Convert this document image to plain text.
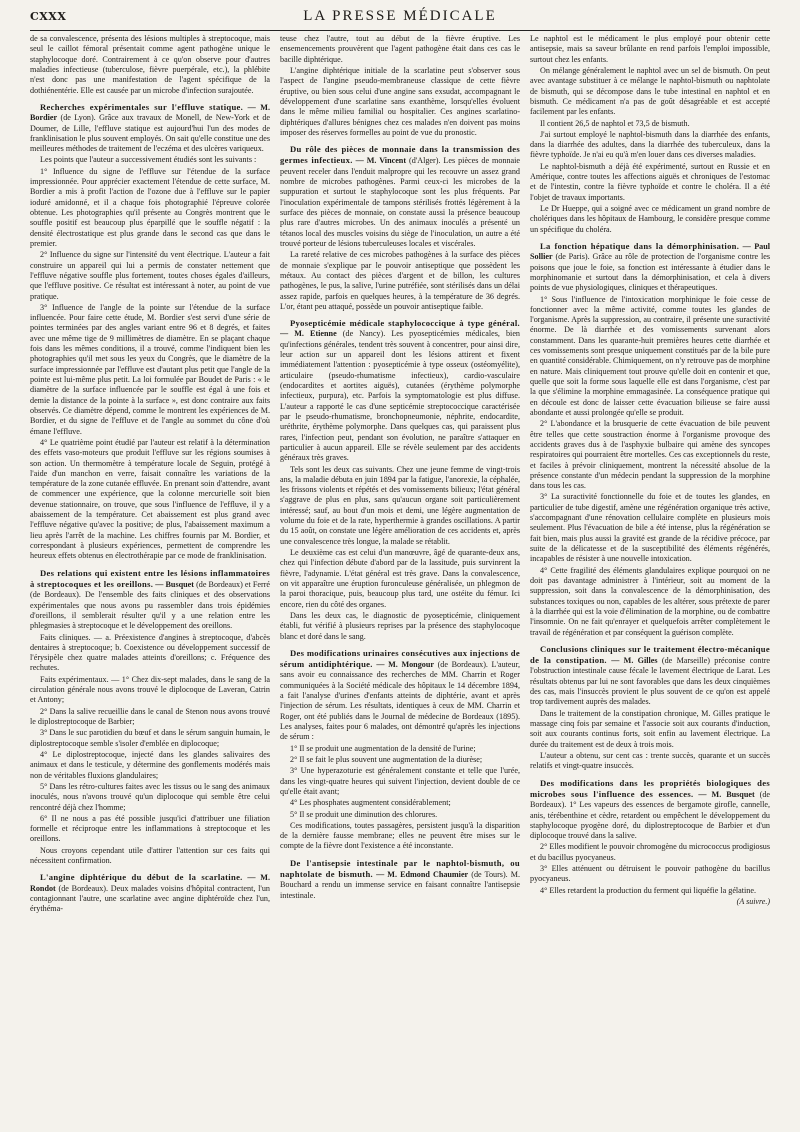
CXXX	LA PRESSE MÉDICALE

de sa convalescence, présenta des lésions multiples à streptocoque, mais seul le caillot fémoral présentait comme agent pathogène unique le staphylocoque doré. Contrairement à ce qu'on observe pour d'autres maladies infectieuse (tuberculose, fièvre puerpérale, etc.), la phlébite n'est donc pas une manifestation de l'agent spécifique de la dothiénentérie. Elle est causée par un microbe d'infection surajoutée.

Recherches expérimentales sur l'effluve statique. — M. Bordier (de Lyon). Grâce aux travaux de Monell, de New-York et de Doumer, de Lille, l'effluve statique est aujourd'hui l'un des modes de franklinisation le plus souvent employés. On sait qu'elle constitue une des meilleures méthodes de traitement de l'eczéma et des ulcères variqueux.

Les points que l'auteur a successivement étudiés sont les suivants :

1° Influence du signe de l'effluve sur l'étendue de la surface impressionnée. Pour apprécier exactement l'étendue de cette surface, M. Bordier a mis à profit l'action de l'ozone due à l'effluve sur le papier ioduré amidonné, et il a chaque fois photographié l'épreuve colorée obtenue. Les photographies qu'il présente au Congrès montrent que le souffle positif est beaucoup plus éparpillé que le souffle négatif : la densité électrostatique est plus grande dans le second cas que dans le premier.

2° Influence du signe sur l'intensité du vent électrique. L'auteur a fait construire un appareil qui lui a permis de constater nettement que l'effluve négative souffle plus fortement, toutes choses égales d'ailleurs, que l'effluve positive. Ce résultat est intéressant à noter, au point de vue pratique.

3° Influence de l'angle de la pointe sur l'étendue de la surface influencée. Pour faire cette étude, M. Bordier s'est servi d'une série de pointes terminées par des angles variant entre 96 et 8 degrés, et faites avec une même tige de 9 millimètres de diamètre. En se plaçant chaque fois dans les mêmes conditions, il a trouvé, comme l'indiquent bien les photographies qu'il met sous les yeux du Congrès, que le diamètre de la surface impressionnée par l'effluve est d'autant plus petit que l'angle de la pointe est lui-même plus petit. La loi formulée par Boudet de Paris : « le diamètre de la surface influencée par le souffle est égal à une fois et demie la distance de la pointe à la surface », est donc contraire aux faits observés. Ce diamètre dépend, comme le montrent les expériences de M. Bordier, et du signe de l'effluve et de l'angle au sommet du cône d'où émane l'effluve.

4° Le quatrième point étudié par l'auteur est relatif à la détermination des effets vaso-moteurs que produit l'effluve sur les régions soumises à son action. Un thermomètre à température locale de Seguin, protégé à l'aide d'un manchon en verre, faisait connaître les variations de la température de la zone cutanée effluvée. En prenant soin d'attendre, avant de commencer une expérience, que la colonne mercurielle soit bien devenue stationnaire, on trouve, que sous l'influence de l'effluve, il y a abaissement de la température. Cet abaissement est plus grand avec l'effluve négative qu'avec la positive; de plus, l'abaissement maximum a lieu après l'arrêt de la machine. Les chiffres fournis par M. Bordier, et correspondant à plusieurs expériences, permettent de comprendre les heureux effets obtenus en électrothérapie par ce mode de franklinisation.

Des relations qui existent entre les lésions inflammatoires à streptocoques et les oreillons. — Busquet (de Bordeaux) et Ferré (de Bordeaux). De l'ensemble des faits cliniques et des observations expérimentales que nous avons pu rassembler dans trois épidémies d'oreillons, il semblerait résulter qu'il y a une relation entre les phlegmasies à streptocoque et le développement des oreillons.

Faits cliniques. — a. Préexistence d'angines à streptocoque, d'abcès dentaires à streptocoque; b. Coexistence ou développement successif de l'érysipèle chez quatre malades atteints d'oreillons; c. Fréquence des rechutes.

Faits expérimentaux. — 1° Chez dix-sept malades, dans le sang de la circulation générale nous avons trouvé le diplocoque de Laveran, Catrin et Antony;

2° Dans la salive recueillie dans le canal de Stenon nous avons trouvé le diplostreptocoque de Barbier;

3° Dans le suc parotidien du bœuf et dans le sérum sanguin humain, le diplostreptocoque semble s'isoler d'emblée en diplocoque;

4° Le diplostreptocoque, injecté dans les glandes salivaires des animaux et dans le testicule, y détermine des gonflements modérés mais non de véritables fluxions glandulaires;

5° Dans les rétro-cultures faites avec les tissus ou le sang des animaux inoculés, nous n'avons trouvé qu'un diplocoque qui semble être celui rencontré déjà chez l'homme;

6° Il ne nous a pas été possible jusqu'ici d'attribuer une filiation formelle et réciproque entre les inflammations à streptocoque et les oreillons.

Nous croyons cependant utile d'attirer l'attention sur ces faits qui nécessitent confirmation.

L'angine diphtérique du début de la scarlatine. — M. Rondot (de Bordeaux). Deux malades voisins d'hôpital contractent, l'un contagionnant l'autre, une scarlatine avec angine diphtéroïde chez l'un, érythéma-

teuse chez l'autre, tout au début de la fièvre éruptive. Les ensemencements prouvèrent que l'agent pathogène était dans ces cas le bacille diphtérique.

L'angine diphtérique initiale de la scarlatine peut s'observer sous l'aspect de l'angine pseudo-membraneuse classique de cette fièvre éruptive, ou bien sous celui d'une angine sans exsudat, accompagnant le développement d'une scarlatine sans exanthème, lorsqu'elles évoluent dans le même milieu familial ou hospitalier. Ces angines scarlatino-diphtériques d'allures bénignes chez ces malades n'en doivent pas moins imposer des réserves formelles au point de vue du pronostic.

Du rôle des pièces de monnaie dans la transmission des germes infectieux. — M. Vincent (d'Alger). Les pièces de monnaie peuvent receler dans l'enduit malpropre qui les recouvre un assez grand nombre de microbes pathogènes. Parmi ceux-ci les microbes de la suppuration et surtout le staphylocoque sont les plus fréquents. Par l'inoculation expérimentale de tampons stérilisés frottés légèrement à la surface des pièces de monnaie, on constate aussi la présence beaucoup plus rare d'autres microbes. Un des animaux inoculés a présenté un tétanos local des muscles voisins du siège de l'inoculation, un autre a été trouvé porteur de lésions tuberculeuses locales et viscérales.

La rareté relative de ces microbes pathogènes à la surface des pièces de monnaie s'explique par le pouvoir antiseptique que possèdent les métaux. Au contact des pièces d'argent et de billon, les cultures pathogènes, le pus, la salive, l'urine putréfiée, sont stérilisés dans un délai assez rapide, parfois en quelques heures, à la température de 36 degrés. L'or, étant peu attaqué, possède un pouvoir antiseptique faible.

Pyosepticémie médicale staphylococcique à type général. — M. Etienne (de Nancy). Les pyosepticémies médicales, bien qu'infections générales, tendent très souvent à concentrer, pour ainsi dire, leur action sur un appareil dont les lésions attirent et fixent immédiatement l'attention : pyosepticémie à type osseux (ostéomyélite), articulaire (pseudo-rhumatisme infectieux), cardio-vasculaire (endocardites et aortites aiguës), cutanées (érythème polymorphe infectieux, purpura), etc. Parfois la symptomatologie est plus diffuse. L'auteur a rapporté le cas d'une septicémie streptococcique caractérisée par le pseudo-rhumatisme, bronchopneumonie, néphrite, endocardite, uréthrite, érythème polymorphe. Dans quelques cas, qui paraissent plus rares, l'infection peut, pendant son évolution, ne paraître s'attaquer en particulier à aucun appareil. Elle se révèle seulement par des accidents généraux très graves.

Tels sont les deux cas suivants. Chez une jeune femme de vingt-trois ans, la maladie débuta en juin 1894 par la fatigue, l'anorexie, la céphalée, les frissons violents et répétés et des vomissements bilieux; l'état général s'aggrave de plus en plus, sans qu'aucun organe soit particulièrement intéressé; sauf, au bout d'un mois et demi, une légère augmentation de volume du foie et de la rate, hyperthermie à grandes oscillations. A partir du 15 août, on constate une légère amélioration de ces accidents et, après une convalescence très longue, la malade se rétablit.

Le deuxième cas est celui d'un manœuvre, âgé de quarante-deux ans, chez qui l'infection débute d'abord par de la lassitude, puis survinrent la fièvre, l'adynamie. L'état général est très grave. Dans la convalescence, on vit apparaître une éruption furonculeuse généralisée, un phlegmon de la paroi thoracique, puis, beaucoup plus tard, une ostéite du fémur. Ici encore, rien du côté des organes.

Dans les deux cas, le diagnostic de pyosepticémie, cliniquement établi, fut vérifié à plusieurs reprises par la présence des staphylocoque blanc et doré dans le sang.

Des modifications urinaires consécutives aux injections de sérum antidiphtérique. — M. Mongour (de Bordeaux). L'auteur, sans avoir eu connaissance des recherches de MM. Charrin et Roger communiquées à la Société médicale des hôpitaux le 14 décembre 1894, a fait l'analyse d'urines d'enfants atteints de diphtérie, avant et après l'injection de sérum. Les résultats, identiques à ceux de MM. Charrin et Roger, ont été publiés dans le Journal de médecine de Bordeaux (1895). Les analyses, faites pour 6 malades, ont démontré qu'après les injections de sérum :

1° Il se produit une augmentation de la densité de l'urine;

2° Il se fait le plus souvent une augmentation de la diurèse;

3° Une hyperazoturie est généralement constante et telle que l'urée, dans les vingt-quatre heures qui suivent l'injection, devient double de ce qu'elle était avant;

4° Les phosphates augmentent considérablement;

5° Il se produit une diminution des chlorures.

Ces modifications, toutes passagères, persistent jusqu'à la disparition de la dernière fausse membrane; elles ne peuvent être mises sur le compte de la fièvre dont l'existence a été inconstante.

De l'antisepsie intestinale par le naphtol-bismuth, ou naphtolate de bismuth. — M. Edmond Chaumier (de Tours). M. Bouchard a rendu un immense service en faisant connaître l'antisepsie intestinale.

Le naphtol est le médicament le plus employé pour obtenir cette antisepsie, mais sa saveur brûlante en rend parfois l'emploi impossible, surtout chez les enfants.

On mélange généralement le naphtol avec un sel de bismuth. On peut avec avantage substituer à ce mélange le naphtol-bismuth ou naphtolate de bismuth, qui se décompose dans le tube intestinal en naphtol et en bismuth. Ce médicament n'a pas de goût désagréable et est accepté facilement par les enfants.

Il contient 26,5 de naphtol et 73,5 de bismuth.

J'ai surtout employé le naphtol-bismuth dans la diarrhée des enfants, dans la diarrhée des adultes, dans la diarrhée des tuberculeux, dans la fièvre typhoïde. Je n'ai eu qu'à m'en louer dans ces diverses maladies.

Le naphtol-bismuth a déjà été expérimenté, surtout en Russie et en Amérique, contre toutes les affections aiguës et chroniques de l'estomac et de l'intestin, contre la fièvre typhoïde et contre le choléra. Il a été l'objet de travaux importants.

Le Dr Hueppe, qui a soigné avec ce médicament un grand nombre de cholériques dans les hôpitaux de Hambourg, le considère presque comme un spécifique du choléra.

La fonction hépatique dans la démorphinisation. — Paul Sollier (de Paris). Grâce au rôle de protection de l'organisme contre les poisons que joue le foie, sa fonction est intéressante à étudier dans le morphinomanie et surtout dans la démorphinisation, et cela à divers points de vue physiologiques, cliniques et thérapeutiques.

1° Sous l'influence de l'intoxication morphinique le foie cesse de fonctionner avec la même activité, comme toutes les glandes de l'organisme. Après la suppression, au contraire, il présente une suractivité énorme. De là diarrhée et des vomissements survenant alors constamment. Dans les quarante-huit premières heures cette diarrhée et ces vomissements sont presque uniquement constitués par de la bile pure en quantité considérable. Chimiquement, on n'y retrouve pas de morphine en nature. Mais cliniquement tout prouve qu'elle doit en contenir et que, quelle que soit la forme sous laquelle elle est dans l'organisme, c'est par la que s'élimine la morphine emmagasinée. La conséquence pratique qui en découle est donc de laisser cette évacuation bilieuse se faire aussi abondante et aussi prolongée qu'elle se produit.

2° L'abondance et la brusquerie de cette évacuation de bile peuvent être telles que cette soustraction énorme à l'organisme provoque des accidents graves dus à de l'asphyxie bulbaire qui amène des syncopes respiratoires qui pourraient être mortelles. Ces cas exceptionnels du reste, et faciles à prévoir cliniquement, montrent la nécessité absolue de la présence constante d'un médecin pendant la suppression de la morphine dans tous les cas.

3° La suractivité fonctionnelle du foie et de toutes les glandes, en particulier de tube digestif, amène une régénération organique très active, s'accompagnant d'une rénovation cellulaire complète en plusieurs mois seulement. Plus l'évacuation de bile a été intense, plus la régénération se fait bien, mais plus aussi la gravité est grande de la récidive précoce, par suite de la délicatesse et de la susceptibilité des éléments régénérés, incapables de résister à une nouvelle intoxication.

4° Cette fragilité des éléments glandulaires explique pourquoi on ne doit pas davantage administrer à l'intérieur, soit au moment de la suppression, soit dans la convalescence de la démorphinisation, des substances toxiques ou non, capables de les altérer, sous prétexte de parer à la diarrhée qui est la voie d'élimination de la morphine, ou de combattre l'insomnie. On ne fait qu'enrayer et quelquefois arrêter complètement le travail de régénération et par conséquent la guérison complète.

Conclusions cliniques sur le traitement électro-mécanique de la constipation. — M. Gilles (de Marseille) préconise contre l'obstruction intestinale cause fécale le lavement électrique de Larat. Les résultats obtenus par lui ne sont favorables que dans les deux cinquièmes des cas, mais l'insuccès provient le plus souvent de ce qu'on est appelé trop tardivement auprès des malades.

Dans le traitement de la constipation chronique, M. Gilles pratique le massage cinq fois par semaine et l'associe soit aux courants d'induction, soit aux courants continus forts, soit enfin au lavement électrique. La durée du traitement est de deux à trois mois.

L'auteur a obtenu, sur cent cas : trente succès, quarante et un succès relatifs et vingt-quatre insuccès.

Des modifications dans les propriétés biologiques des microbes sous l'influence des essences. — M. Busquet (de Bordeaux). 1° Les vapeurs des essences de bergamote girofle, cannelle, anis, térébenthine et cèdre, retardent ou empêchent le développement du staphylocoque pyogène doré, du diplostreptocoque de Barbier et d'un diplocoque trouvé dans la salive.

2° Elles modifient le pouvoir chromogène du micrococcus prodigiosus et du bacillus pyocyaneus.

3° Elles atténuent ou détruisent le pouvoir pathogène du bacillus pyocyaneus.

4° Elles retardent la production du ferment qui liquéfie la gélatine.

(A suivre.)
